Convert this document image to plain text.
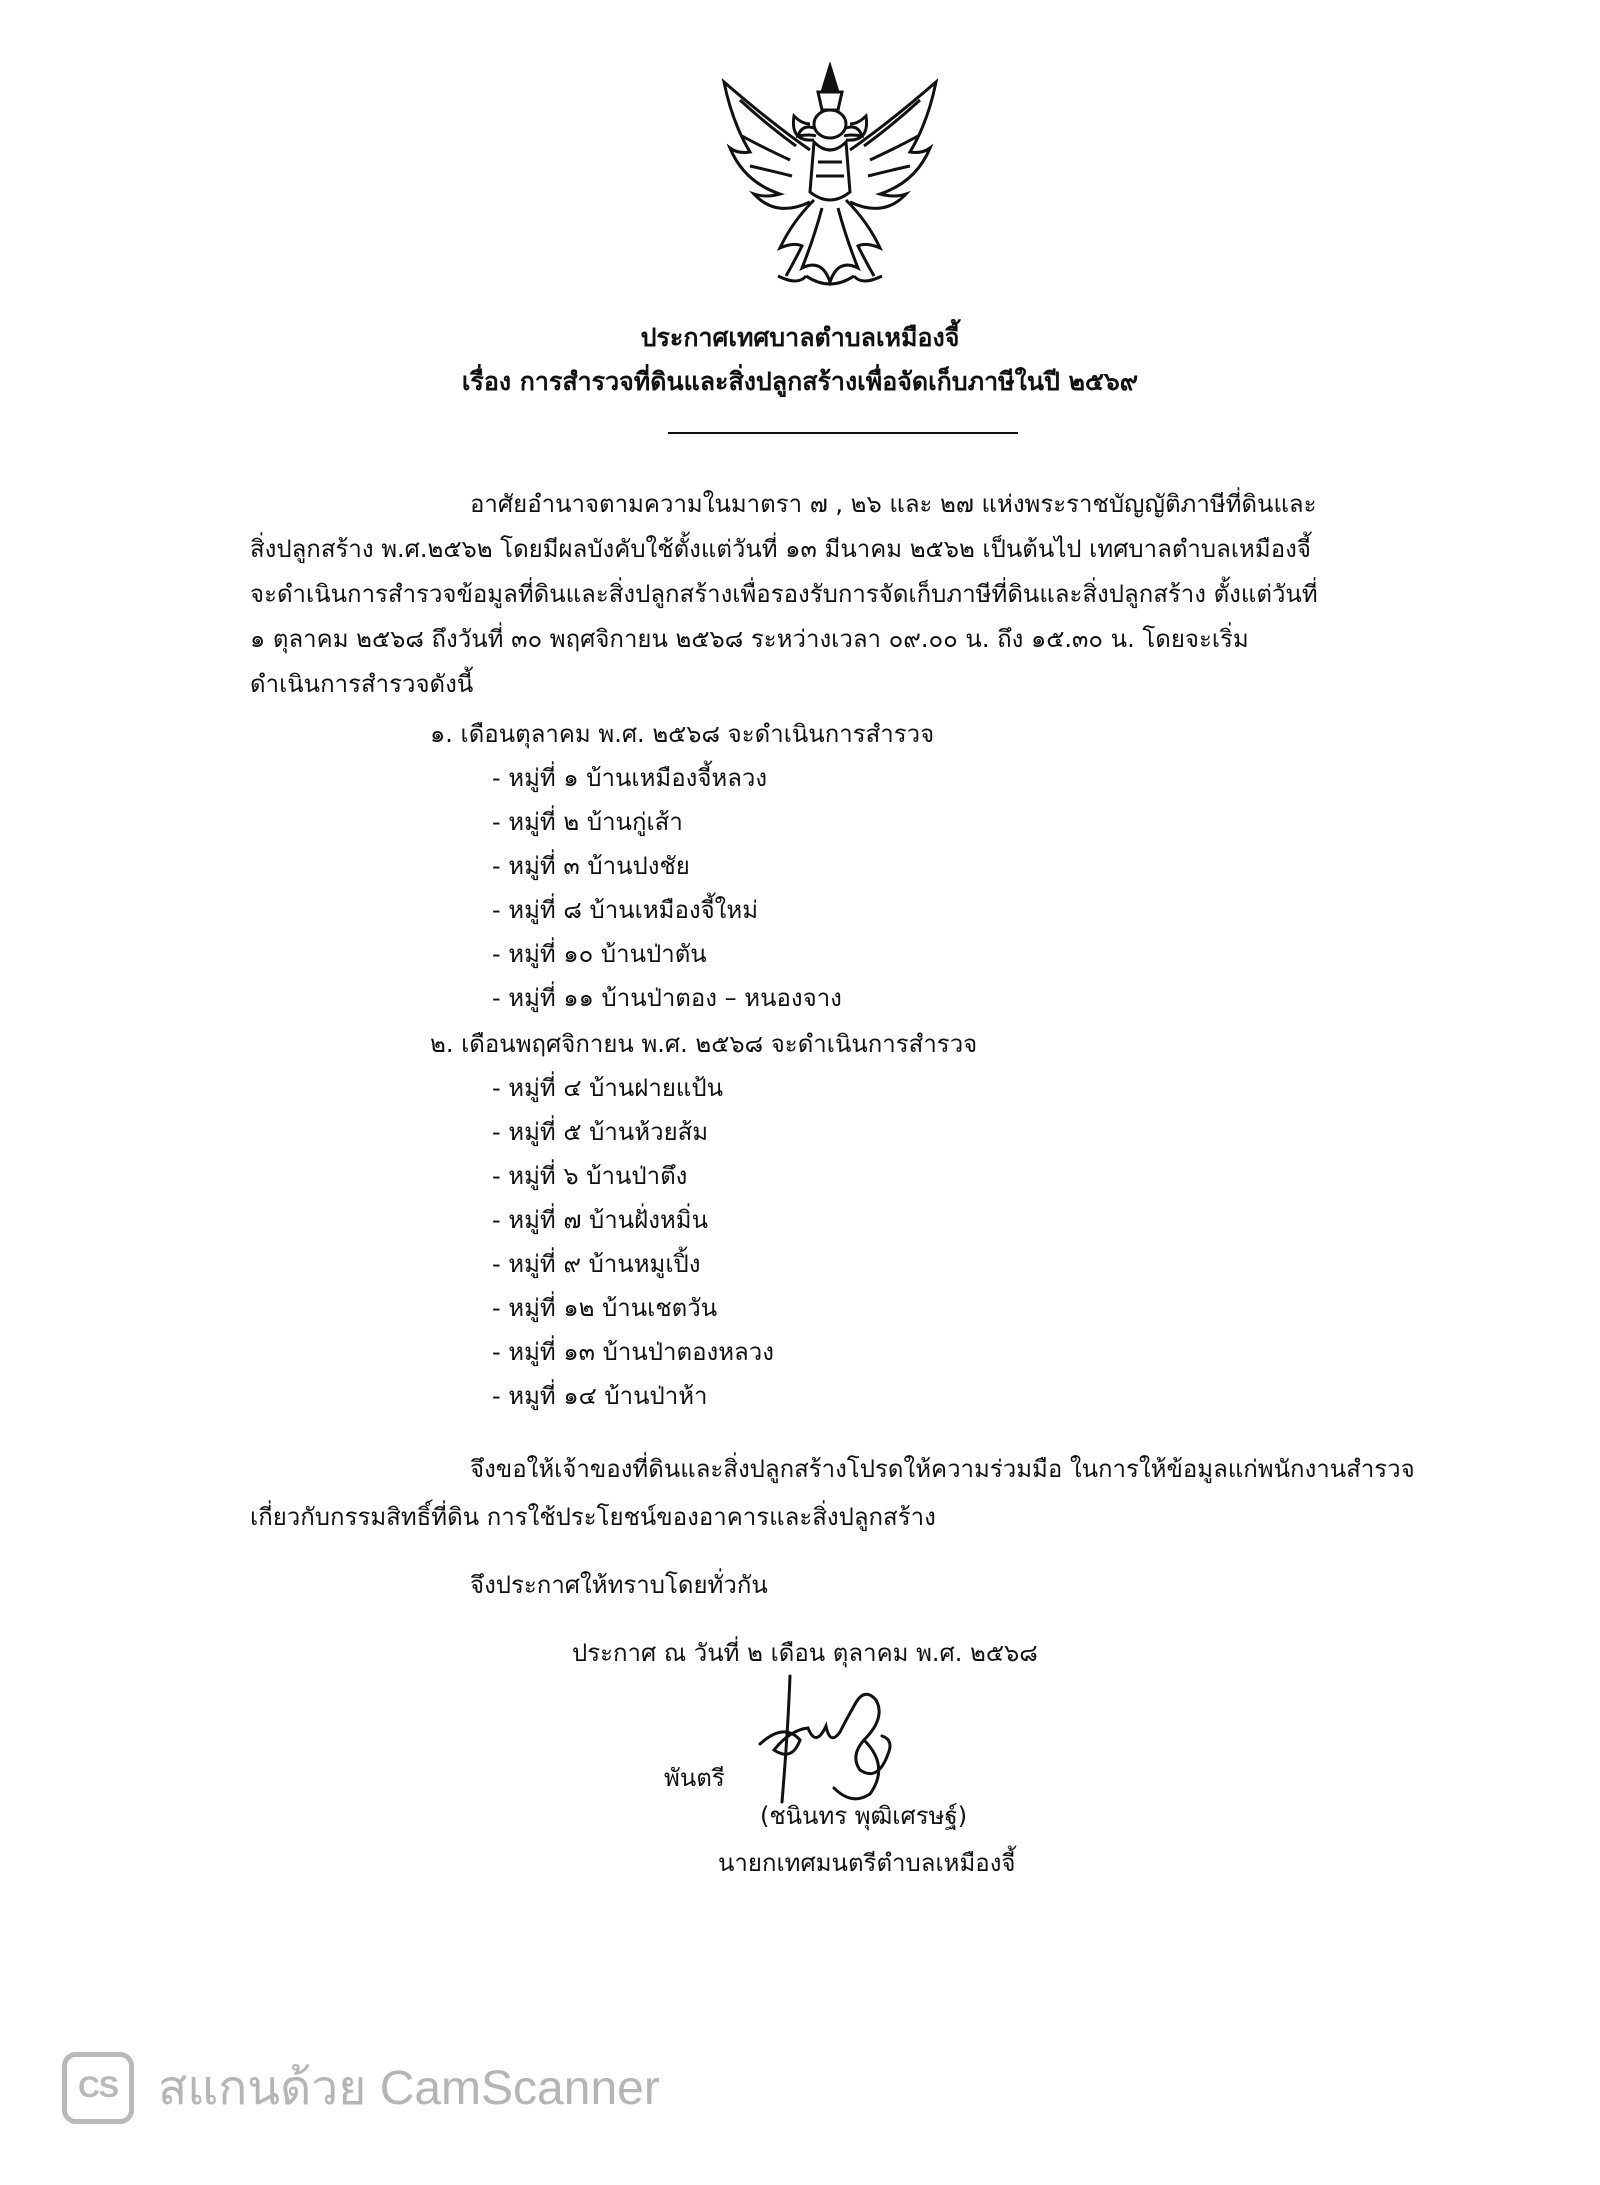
ประกาศเทศบาลตำบลเหมืองจี้
เรื่อง การสำรวจที่ดินและสิ่งปลูกสร้างเพื่อจัดเก็บภาษีในปี ๒๕๖๙
อาศัยอำนาจตามความในมาตรา ๗ , ๒๖ และ ๒๗ แห่งพระราชบัญญัติภาษีที่ดินและ
สิ่งปลูกสร้าง พ.ศ.๒๕๖๒ โดยมีผลบังคับใช้ตั้งแต่วันที่ ๑๓ มีนาคม ๒๕๖๒ เป็นต้นไป เทศบาลตำบลเหมืองจี้
จะดำเนินการสำรวจข้อมูลที่ดินและสิ่งปลูกสร้างเพื่อรองรับการจัดเก็บภาษีที่ดินและสิ่งปลูกสร้าง ตั้งแต่วันที่
๑ ตุลาคม ๒๕๖๘ ถึงวันที่ ๓๐ พฤศจิกายน ๒๕๖๘ ระหว่างเวลา ๐๙.๐๐ น. ถึง ๑๕.๓๐ น. โดยจะเริ่ม
ดำเนินการสำรวจดังนี้
๑. เดือนตุลาคม พ.ศ. ๒๕๖๘ จะดำเนินการสำรวจ
- หมู่ที่ ๑ บ้านเหมืองจี้หลวง
- หมู่ที่ ๒ บ้านกู่เส้า
- หมู่ที่ ๓ บ้านปงชัย
- หมู่ที่ ๘ บ้านเหมืองจี้ใหม่
- หมู่ที่ ๑๐ บ้านป่าตัน
- หมู่ที่ ๑๑ บ้านป่าตอง – หนองจาง
๒. เดือนพฤศจิกายน พ.ศ. ๒๕๖๘ จะดำเนินการสำรวจ
- หมู่ที่ ๔ บ้านฝายแป้น
- หมู่ที่ ๕ บ้านห้วยส้ม
- หมู่ที่ ๖ บ้านป่าตึง
- หมู่ที่ ๗ บ้านฝั่งหมิ่น
- หมู่ที่ ๙ บ้านหมูเปิ้ง
- หมู่ที่ ๑๒ บ้านเชตวัน
- หมู่ที่ ๑๓ บ้านป่าตองหลวง
- หมูที่ ๑๔ บ้านป่าห้า
จึงขอให้เจ้าของที่ดินและสิ่งปลูกสร้างโปรดให้ความร่วมมือ ในการให้ข้อมูลแก่พนักงานสำรวจ
เกี่ยวกับกรรมสิทธิ์ที่ดิน การใช้ประโยชน์ของอาคารและสิ่งปลูกสร้าง
จึงประกาศให้ทราบโดยทั่วกัน
ประกาศ ณ วันที่ ๒ เดือน ตุลาคม พ.ศ. ๒๕๖๘
พันตรี
(ชนินทร พุฒิเศรษฐ์)
นายกเทศมนตรีตำบลเหมืองจี้
CS สแกนด้วย CamScanner
